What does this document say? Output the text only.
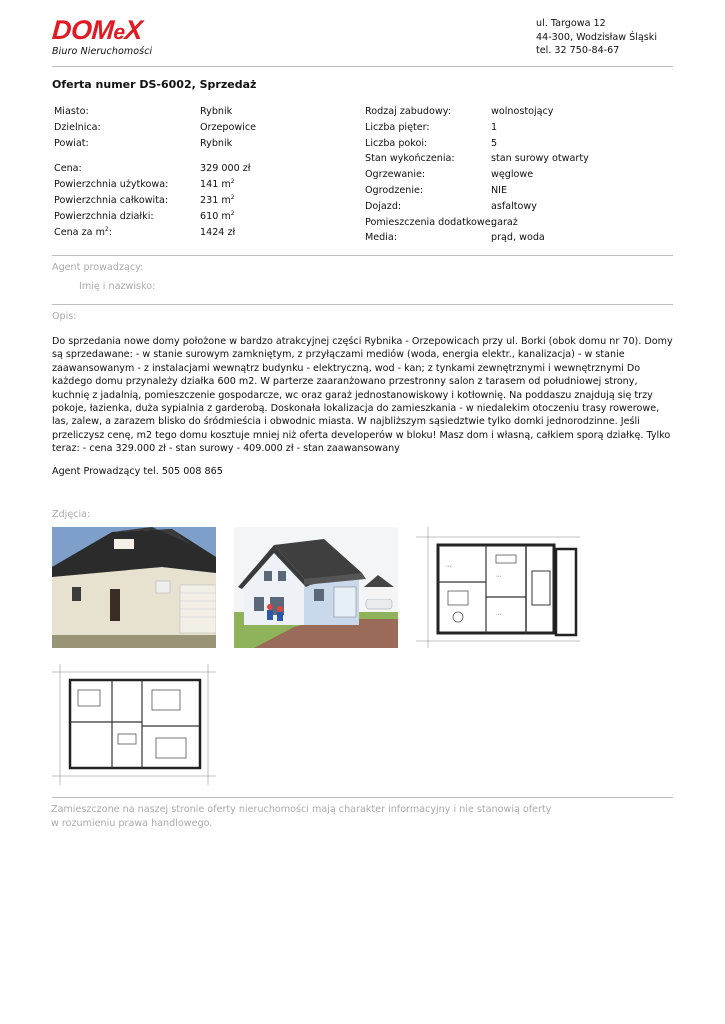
DOMeX
Biuro Nieruchomości
ul. Targowa 12
44-300, Wodzisław Śląski
tel. 32 750-84-67
Oferta numer DS-6002, Sprzedaż
Miasto:	Rybnik
Dzielnica:	Orzepowice
Powiat:	Rybnik
Cena:	329 000 zł
Powierzchnia użytkowa:	141 $m^2$
Powierzchnia całkowita:	231 $m^2$
Powierzchnia działki:	610 $m^2$
Cena za $m^2$:	1424 zł
Rodzaj zabudowy:	wolnostojący
Liczba pięter:	1
Liczba pokoi:	5
Stan wykończenia:	stan surowy otwarty
Ogrzewanie:	węglowe
Ogrodzenie:	NIE
Dojazd:	asfaltowy
Pomieszczenia dodatkowe:
garaż
Media:	prąd, woda
Agent prowadzący:
Imię i nazwisko:
Opis:
Do sprzedania nowe domy położone w bardzo atrakcyjnej części Rybnika - Orzepowicach przy ul. Borki (obok domu nr 70). Domy są sprzedawane: - w stanie surowym zamkniętym, z przyłączami mediów (woda, energia elektr., kanalizacja) - w stanie zaawansowanym - z instalacjami wewnątrz budynku - elektryczną, wod - kan; z tynkami zewnętrznymi i wewnętrznymi Do każdego domu przynależy działka 600 m2. W parterze zaaranżowano przestronny salon z tarasem od południowej strony, kuchnię z jadalnią, pomieszczenie gospodarcze, wc oraz garaż jednostanowiskowy i kotłownię. Na poddaszu znajdują się trzy pokoje, łazienka, duża sypialnia z garderobą. Doskonała lokalizacja do zamieszkania - w niedalekim otoczeniu trasy rowerowe, las, zalew, a zarazem blisko do śródmieścia i obwodnic miasta. W najbliższym sąsiedztwie tylko domki jednorodzinne. Jeśli przeliczysz cenę, m2 tego domu kosztuje mniej niż oferta developerów w bloku! Masz dom i własną, całkiem sporą działkę. Tylko teraz: - cena 329.000 zł - stan surowy - 409.000 zł - stan zaawansowany
Agent Prowadzący tel. 505 008 865
Zdjęcia:
•••
•••
•••
Zamieszczone na naszej stronie oferty nieruchomości mają charakter informacyjny i nie stanowią oferty
w rozumieniu prawa handlowego.
